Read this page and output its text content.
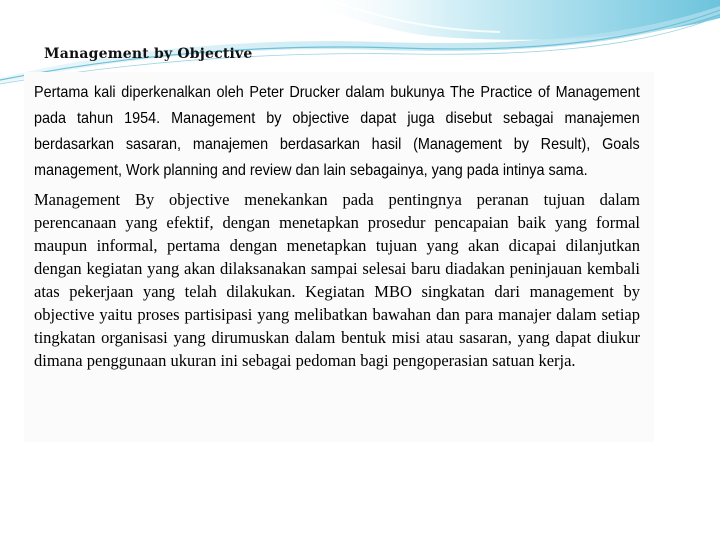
Management by Objective

Pertama kali diperkenalkan oleh Peter Drucker dalam bukunya The Practice of Management pada tahun 1954. Management by objective dapat juga disebut sebagai manajemen berdasarkan sasaran, manajemen berdasarkan hasil (Management by Result), Goals management, Work planning and review dan lain sebagainya, yang pada intinya sama.

Management By objective menekankan pada pentingnya peranan tujuan dalam perencanaan yang efektif, dengan menetapkan prosedur pencapaian baik yang formal maupun informal, pertama dengan menetapkan tujuan yang akan dicapai dilanjutkan dengan kegiatan yang akan dilaksanakan sampai selesai baru diadakan peninjauan kembali atas pekerjaan yang telah dilakukan. Kegiatan MBO singkatan dari management by objective yaitu proses partisipasi yang melibatkan bawahan dan para manajer dalam setiap tingkatan organisasi yang dirumuskan dalam bentuk misi atau sasaran, yang dapat diukur dimana penggunaan ukuran ini sebagai pedoman bagi pengoperasian satuan kerja.
